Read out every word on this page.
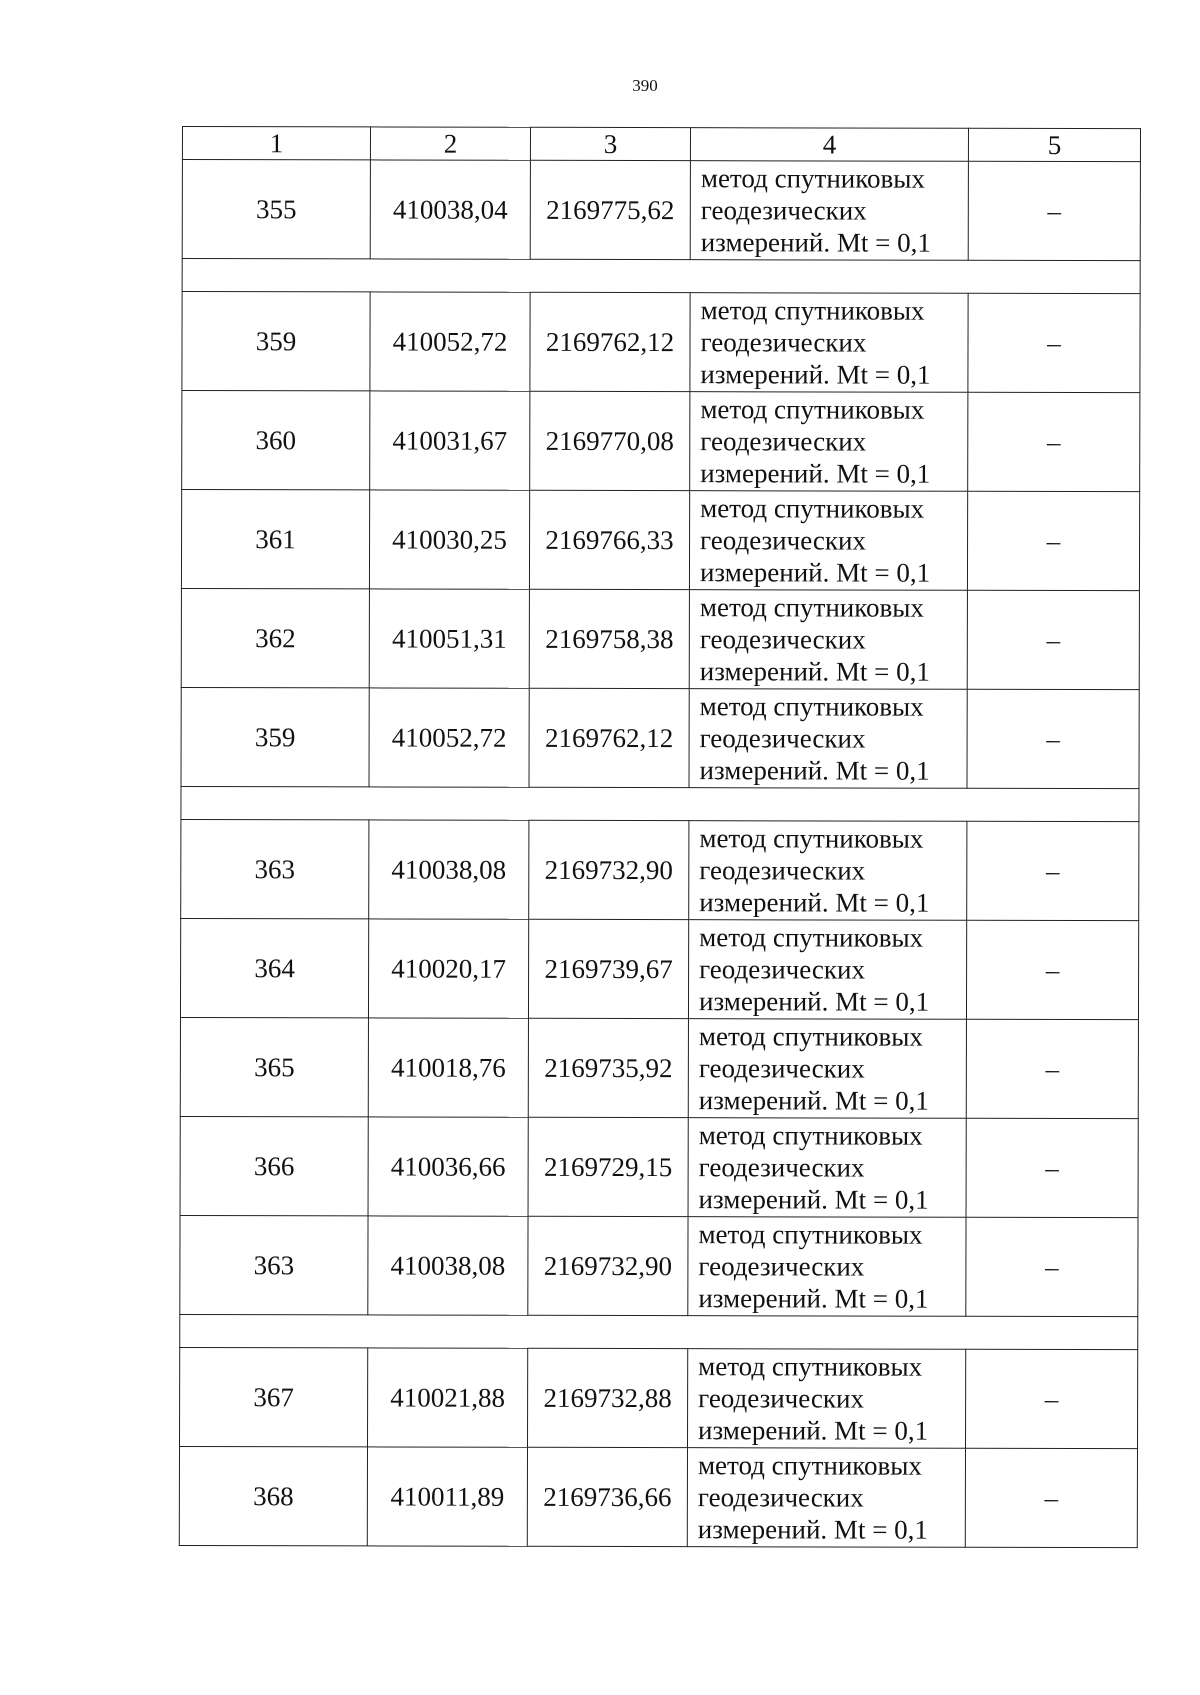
390
1	2	3	4	5
355	410038,04	2169775,62	метод спутниковых
геодезических
измерений. Mt = 0,1	–

359	410052,72	2169762,12	метод спутниковых
геодезических
измерений. Mt = 0,1	–
360	410031,67	2169770,08	метод спутниковых
геодезических
измерений. Mt = 0,1	–
361	410030,25	2169766,33	метод спутниковых
геодезических
измерений. Mt = 0,1	–
362	410051,31	2169758,38	метод спутниковых
геодезических
измерений. Mt = 0,1	–
359	410052,72	2169762,12	метод спутниковых
геодезических
измерений. Mt = 0,1	–

363	410038,08	2169732,90	метод спутниковых
геодезических
измерений. Mt = 0,1	–
364	410020,17	2169739,67	метод спутниковых
геодезических
измерений. Mt = 0,1	–
365	410018,76	2169735,92	метод спутниковых
геодезических
измерений. Mt = 0,1	–
366	410036,66	2169729,15	метод спутниковых
геодезических
измерений. Mt = 0,1	–
363	410038,08	2169732,90	метод спутниковых
геодезических
измерений. Mt = 0,1	–

367	410021,88	2169732,88	метод спутниковых
геодезических
измерений. Mt = 0,1	–
368	410011,89	2169736,66	метод спутниковых
геодезических
измерений. Mt = 0,1	–
